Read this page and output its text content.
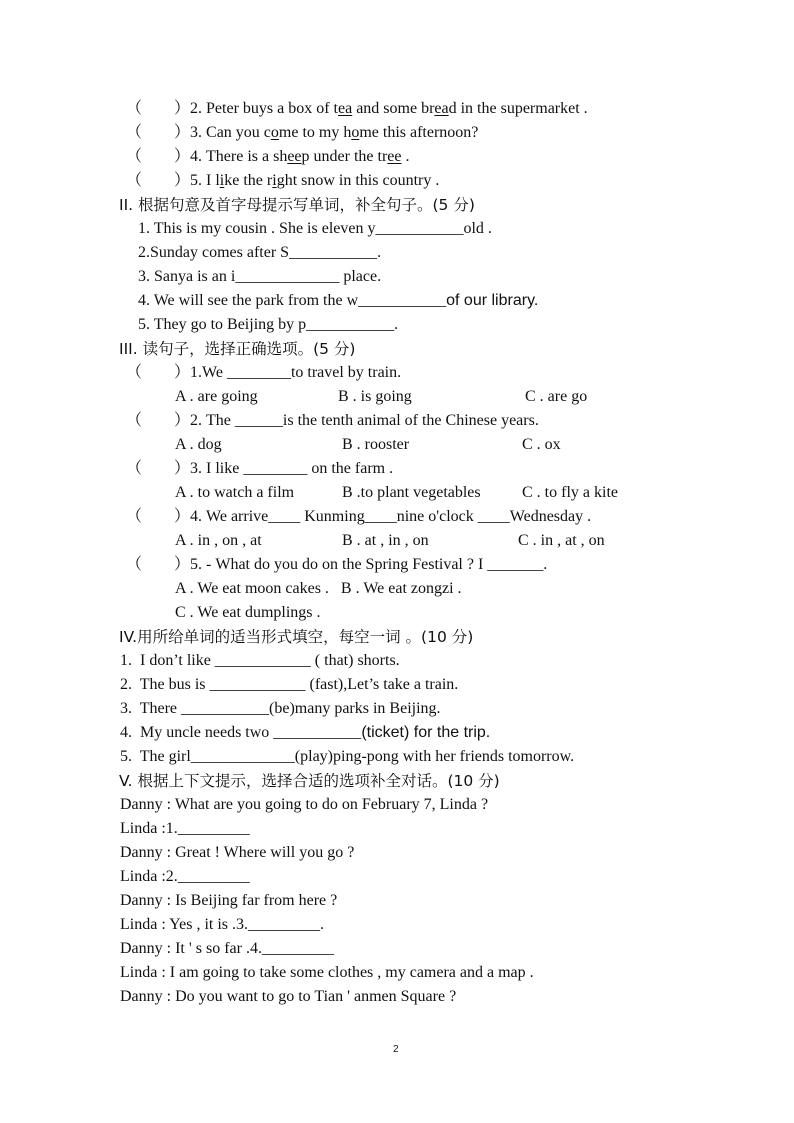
（　　）2. Peter buys a box of tea and some bread in the supermarket .
（　　）3. Can you come to my home this afternoon?
（　　）4. There is a sheep under the tree .
（　　）5. I like the right snow in this country .
II. 根据句意及首字母提示写单词，补全句子。(5 分)
1. This is my cousin . She is eleven y___________old .
2.Sunday comes after S___________.
3. Sanya is an i_____________ place.
4. We will see the park from the w___________of our library.
5. They go to Beijing by p___________.
III. 读句子，选择正确选项。(5 分)
（　　）1.We ________to travel by train.
A . are going	B . is going	C . are go
（　　）2. The ______is the tenth animal of the Chinese years.
A . dog	B . rooster	C . ox
（　　）3. I like ________ on the farm .
A . to watch a film	B .to plant vegetables	C . to fly a kite
（　　）4. We arrive____ Kunming____nine o'clock ____Wednesday .
A . in , on , at	B . at , in , on	C . in , at , on
（　　）5. - What do you do on the Spring Festival ? I _______.
A . We eat moon cakes .   B . We eat zongzi .
C . We eat dumplings .
IV.用所给单词的适当形式填空，每空一词 。(10 分)
1.  I don’t like ____________ ( that) shorts.
2.  The bus is ____________ (fast),Let’s take a train.
3.  There ___________(be)many parks in Beijing.
4.  My uncle needs two ___________(ticket) for the trip.
5.  The girl_____________(play)ping-pong with her friends tomorrow.
V. 根据上下文提示，选择合适的选项补全对话。(10 分)
Danny : What are you going to do on February 7, Linda ?
Linda :1._________
Danny : Great ! Where will you go ?
Linda :2._________
Danny : Is Beijing far from here ?
Linda : Yes , it is .3._________.
Danny : It ' s so far .4._________
Linda : I am going to take some clothes , my camera and a map .
Danny : Do you want to go to Tian ' anmen Square ?
2
